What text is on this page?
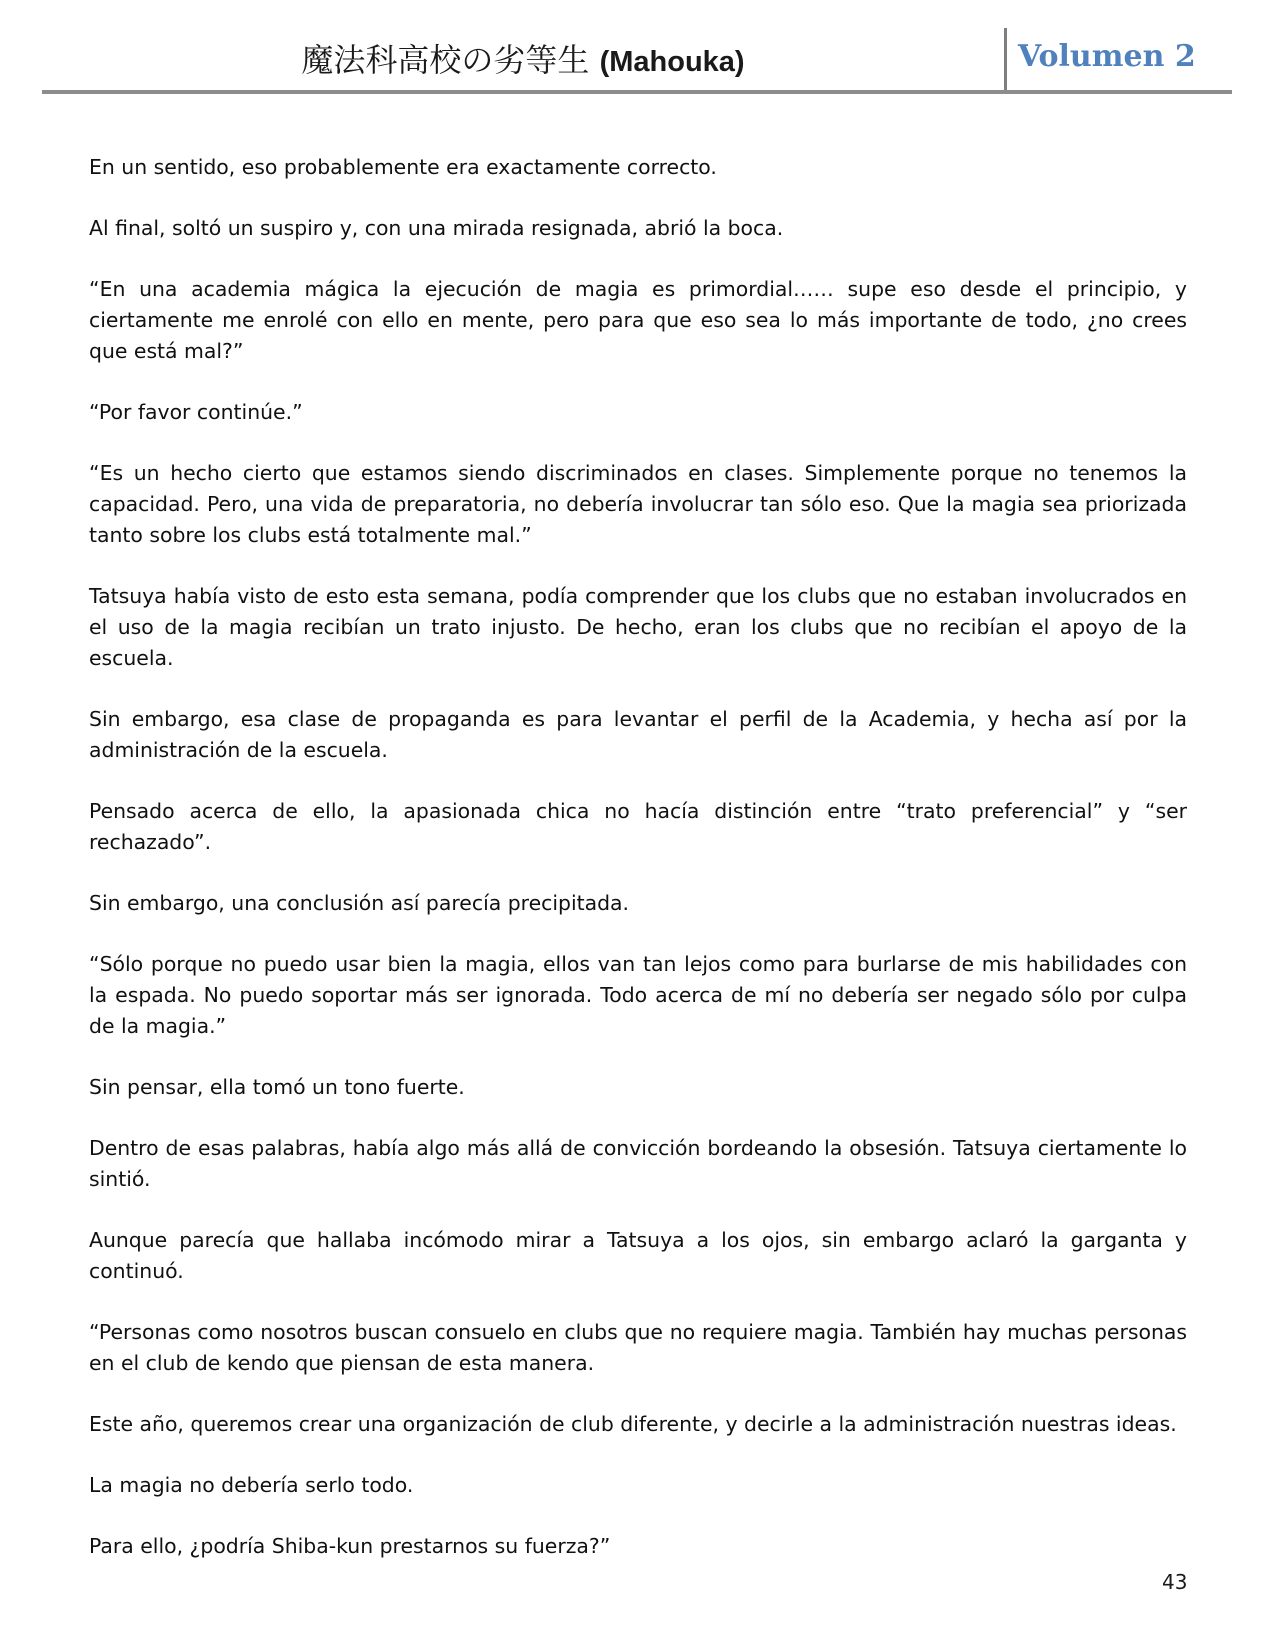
魔法科高校の劣等生 (Mahouka)	Volumen 2

En un sentido, eso probablemente era exactamente correcto.

Al final, soltó un suspiro y, con una mirada resignada, abrió la boca.

“En una academia mágica la ejecución de magia es primordial…… supe eso desde el principio, y ciertamente me enrolé con ello en mente, pero para que eso sea lo más importante de todo, ¿no crees que está mal?”

“Por favor continúe.”

“Es un hecho cierto que estamos siendo discriminados en clases. Simplemente porque no tenemos la capacidad. Pero, una vida de preparatoria, no debería involucrar tan sólo eso. Que la magia sea priorizada tanto sobre los clubs está totalmente mal.”

Tatsuya había visto de esto esta semana, podía comprender que los clubs que no estaban involucrados en el uso de la magia recibían un trato injusto. De hecho, eran los clubs que no recibían el apoyo de la escuela.

Sin embargo, esa clase de propaganda es para levantar el perfil de la Academia, y hecha así por la administración de la escuela.

Pensado acerca de ello, la apasionada chica no hacía distinción entre “trato preferencial” y “ser rechazado”.

Sin embargo, una conclusión así parecía precipitada.

“Sólo porque no puedo usar bien la magia, ellos van tan lejos como para burlarse de mis habilidades con la espada. No puedo soportar más ser ignorada. Todo acerca de mí no debería ser negado sólo por culpa de la magia.”

Sin pensar, ella tomó un tono fuerte.

Dentro de esas palabras, había algo más allá de convicción bordeando la obsesión. Tatsuya ciertamente lo sintió.

Aunque parecía que hallaba incómodo mirar a Tatsuya a los ojos, sin embargo aclaró la garganta y continuó.

“Personas como nosotros buscan consuelo en clubs que no requiere magia. También hay muchas personas en el club de kendo que piensan de esta manera.

Este año, queremos crear una organización de club diferente, y decirle a la administración nuestras ideas.

La magia no debería serlo todo.

Para ello, ¿podría Shiba-kun prestarnos su fuerza?”

43
